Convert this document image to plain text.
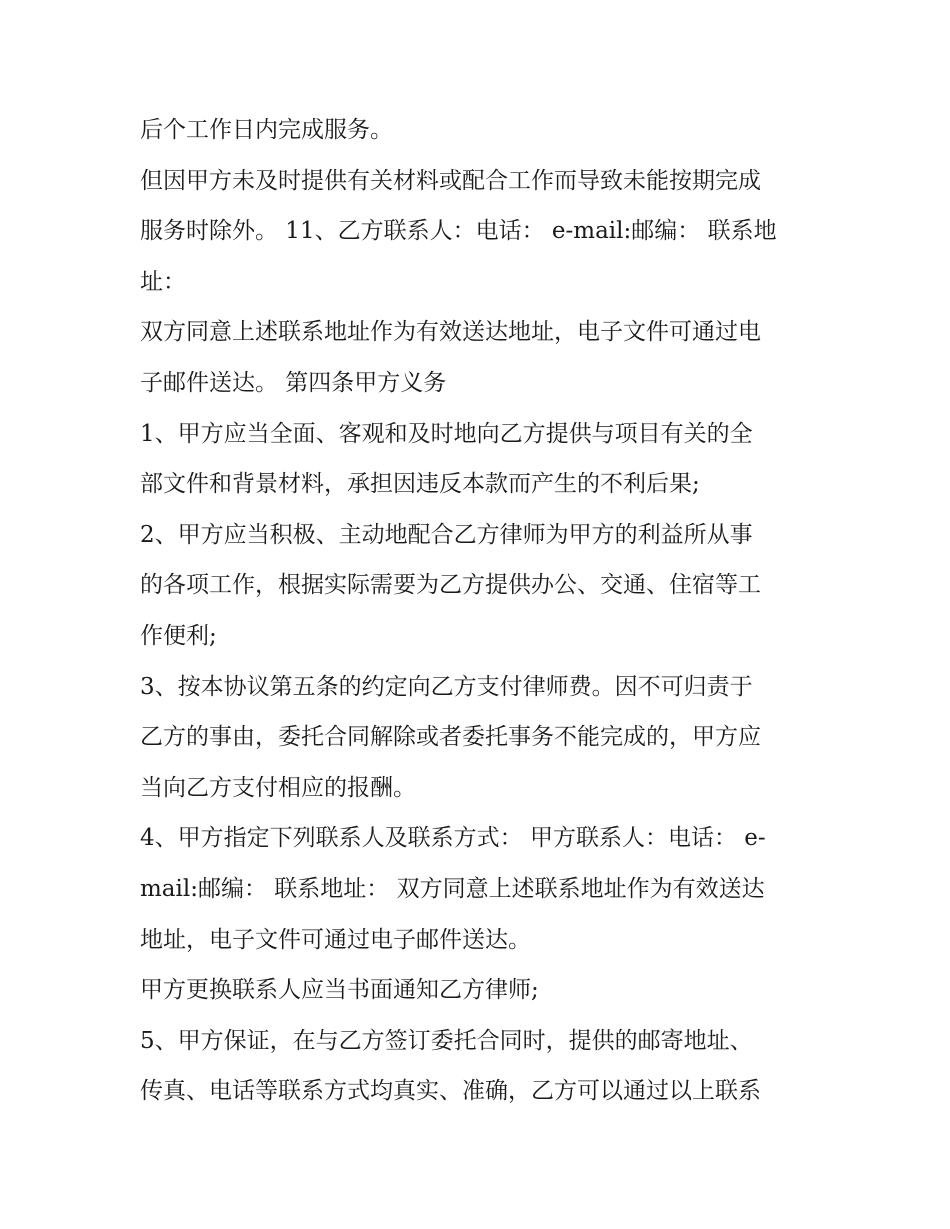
后个工作日内完成服务。
但因甲方未及时提供有关材料或配合工作而导致未能按期完成
服务时除外。 11、乙方联系人：电话： e-mail:邮编： 联系地
址：
双方同意上述联系地址作为有效送达地址，电子文件可通过电
子邮件送达。 第四条甲方义务
1、甲方应当全面、客观和及时地向乙方提供与项目有关的全
部文件和背景材料，承担因违反本款而产生的不利后果;
2、甲方应当积极、主动地配合乙方律师为甲方的利益所从事
的各项工作，根据实际需要为乙方提供办公、交通、住宿等工
作便利;
3、按本协议第五条的约定向乙方支付律师费。因不可归责于
乙方的事由，委托合同解除或者委托事务不能完成的，甲方应
当向乙方支付相应的报酬。
4、甲方指定下列联系人及联系方式： 甲方联系人：电话： e-
mail:邮编： 联系地址： 双方同意上述联系地址作为有效送达
地址，电子文件可通过电子邮件送达。
甲方更换联系人应当书面通知乙方律师;
5、甲方保证，在与乙方签订委托合同时，提供的邮寄地址、
传真、电话等联系方式均真实、准确，乙方可以通过以上联系
